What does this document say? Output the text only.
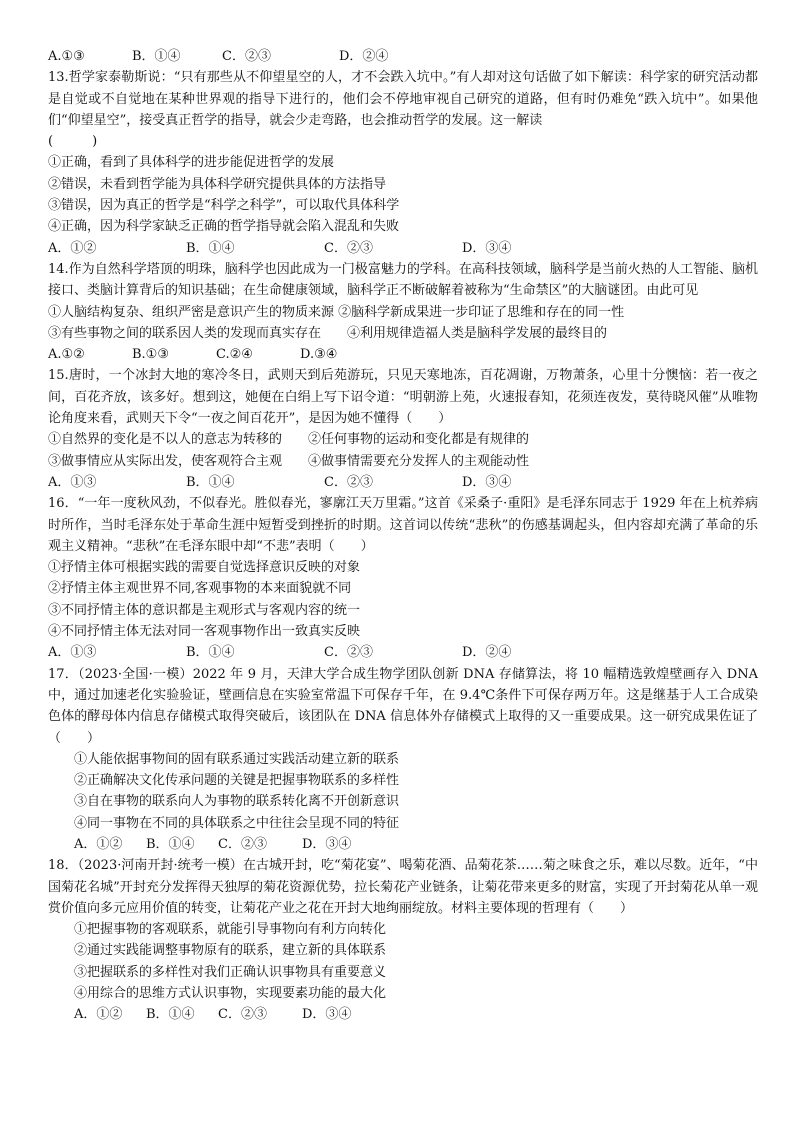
A.①③	B．①④	C．②③	D．②④
13.哲学家泰勒斯说：“只有那些从不仰望星空的人，才不会跌入坑中。”有人却对这句话做了如下解读：科学家的研究活动都是自觉或不自觉地在某种世界观的指导下进行的，他们会不停地审视自己研究的道路，但有时仍难免“跌入坑中”。如果他们“仰望星空”，接受真正哲学的指导，就会少走弯路，也会推动哲学的发展。这一解读
(　　　)
①正确，看到了具体科学的进步能促进哲学的发展
②错误，未看到哲学能为具体科学研究提供具体的方法指导
③错误，因为真正的哲学是“科学之科学”，可以取代具体科学
④正确，因为科学家缺乏正确的哲学指导就会陷入混乱和失败
A．①②	B．①④	C．②③	D．③④
14.作为自然科学塔顶的明珠，脑科学也因此成为一门极富魅力的学科。在高科技领域，脑科学是当前火热的人工智能、脑机接口、类脑计算背后的知识基础；在生命健康领域，脑科学正不断破解着被称为“生命禁区”的大脑谜团。由此可见
①人脑结构复杂、组织严密是意识产生的物质来源 ②脑科学新成果进一步印证了思维和存在的同一性
③有些事物之间的联系因人类的发现而真实存在　　④利用规律造福人类是脑科学发展的最终目的
A.①②	B.①③	C.②④	D.③④
15.唐时，一个冰封大地的寒冷冬日，武则天到后苑游玩，只见天寒地冻，百花凋谢，万物萧条，心里十分懊恼：若一夜之间，百花齐放，该多好。想到这，她便在白绢上写下诏令道：“明朝游上苑，火速报春知，花须连夜发，莫待晓风催”从唯物论角度来看，武则天下令“一夜之间百花开”，是因为她不懂得（　　）
①自然界的变化是不以人的意志为转移的　　②任何事物的运动和变化都是有规律的
③做事情应从实际出发，使客观符合主观　　④做事情需要充分发挥人的主观能动性
A．①③	B．①④	C．②③	D．③④
16．“一年一度秋风劲，不似春光。胜似春光，寥廓江天万里霜。”这首《采桑子·重阳》是毛泽东同志于 1929 年在上杭养病时所作，当时毛泽东处于革命生涯中短暂受到挫折的时期。这首词以传统“悲秋”的伤感基调起头，但内容却充满了革命的乐观主义精神。“悲秋”在毛泽东眼中却“不悲”表明（　　）
①抒情主体可根据实践的需要自觉选择意识反映的对象
②抒情主体主观世界不同,客观事物的本来面貌就不同
③不同抒情主体的意识都是主观形式与客观内容的统一
④不同抒情主体无法对同一客观事物作出一致真实反映
A．①③	B．①④	C．②③	D．②④
17．（2023·全国·一模）2022 年 9 月，天津大学合成生物学团队创新 DNA 存储算法，将 10 幅精选敦煌壁画存入 DNA 中，通过加速老化实验验证，壁画信息在实验室常温下可保存千年，在 9.4℃条件下可保存两万年。这是继基于人工合成染色体的酵母体内信息存储模式取得突破后，该团队在 DNA 信息体外存储模式上取得的又一重要成果。这一研究成果佐证了（　　）
①人能依据事物间的固有联系通过实践活动建立新的联系
②正确解决文化传承问题的关键是把握事物联系的多样性
③自在事物的联系向人为事物的联系转化离不开创新意识
④同一事物在不同的具体联系之中往往会呈现不同的特征
A．①②	B．①④	C．②③	D．③④
18．（2023·河南开封·统考一模）在古城开封，吃“菊花宴”、喝菊花酒、品菊花茶……菊之味食之乐，难以尽数。近年，“中国菊花名城”开封充分发挥得天独厚的菊花资源优势，拉长菊花产业链条，让菊花带来更多的财富，实现了开封菊花从单一观赏价值向多元应用价值的转变，让菊花产业之花在开封大地绚丽绽放。材料主要体现的哲理有（　　）
①把握事物的客观联系，就能引导事物向有利方向转化
②通过实践能调整事物原有的联系，建立新的具体联系
③把握联系的多样性对我们正确认识事物具有重要意义
④用综合的思维方式认识事物，实现要素功能的最大化
A．①②	B．①④	C．②③	D．③④
